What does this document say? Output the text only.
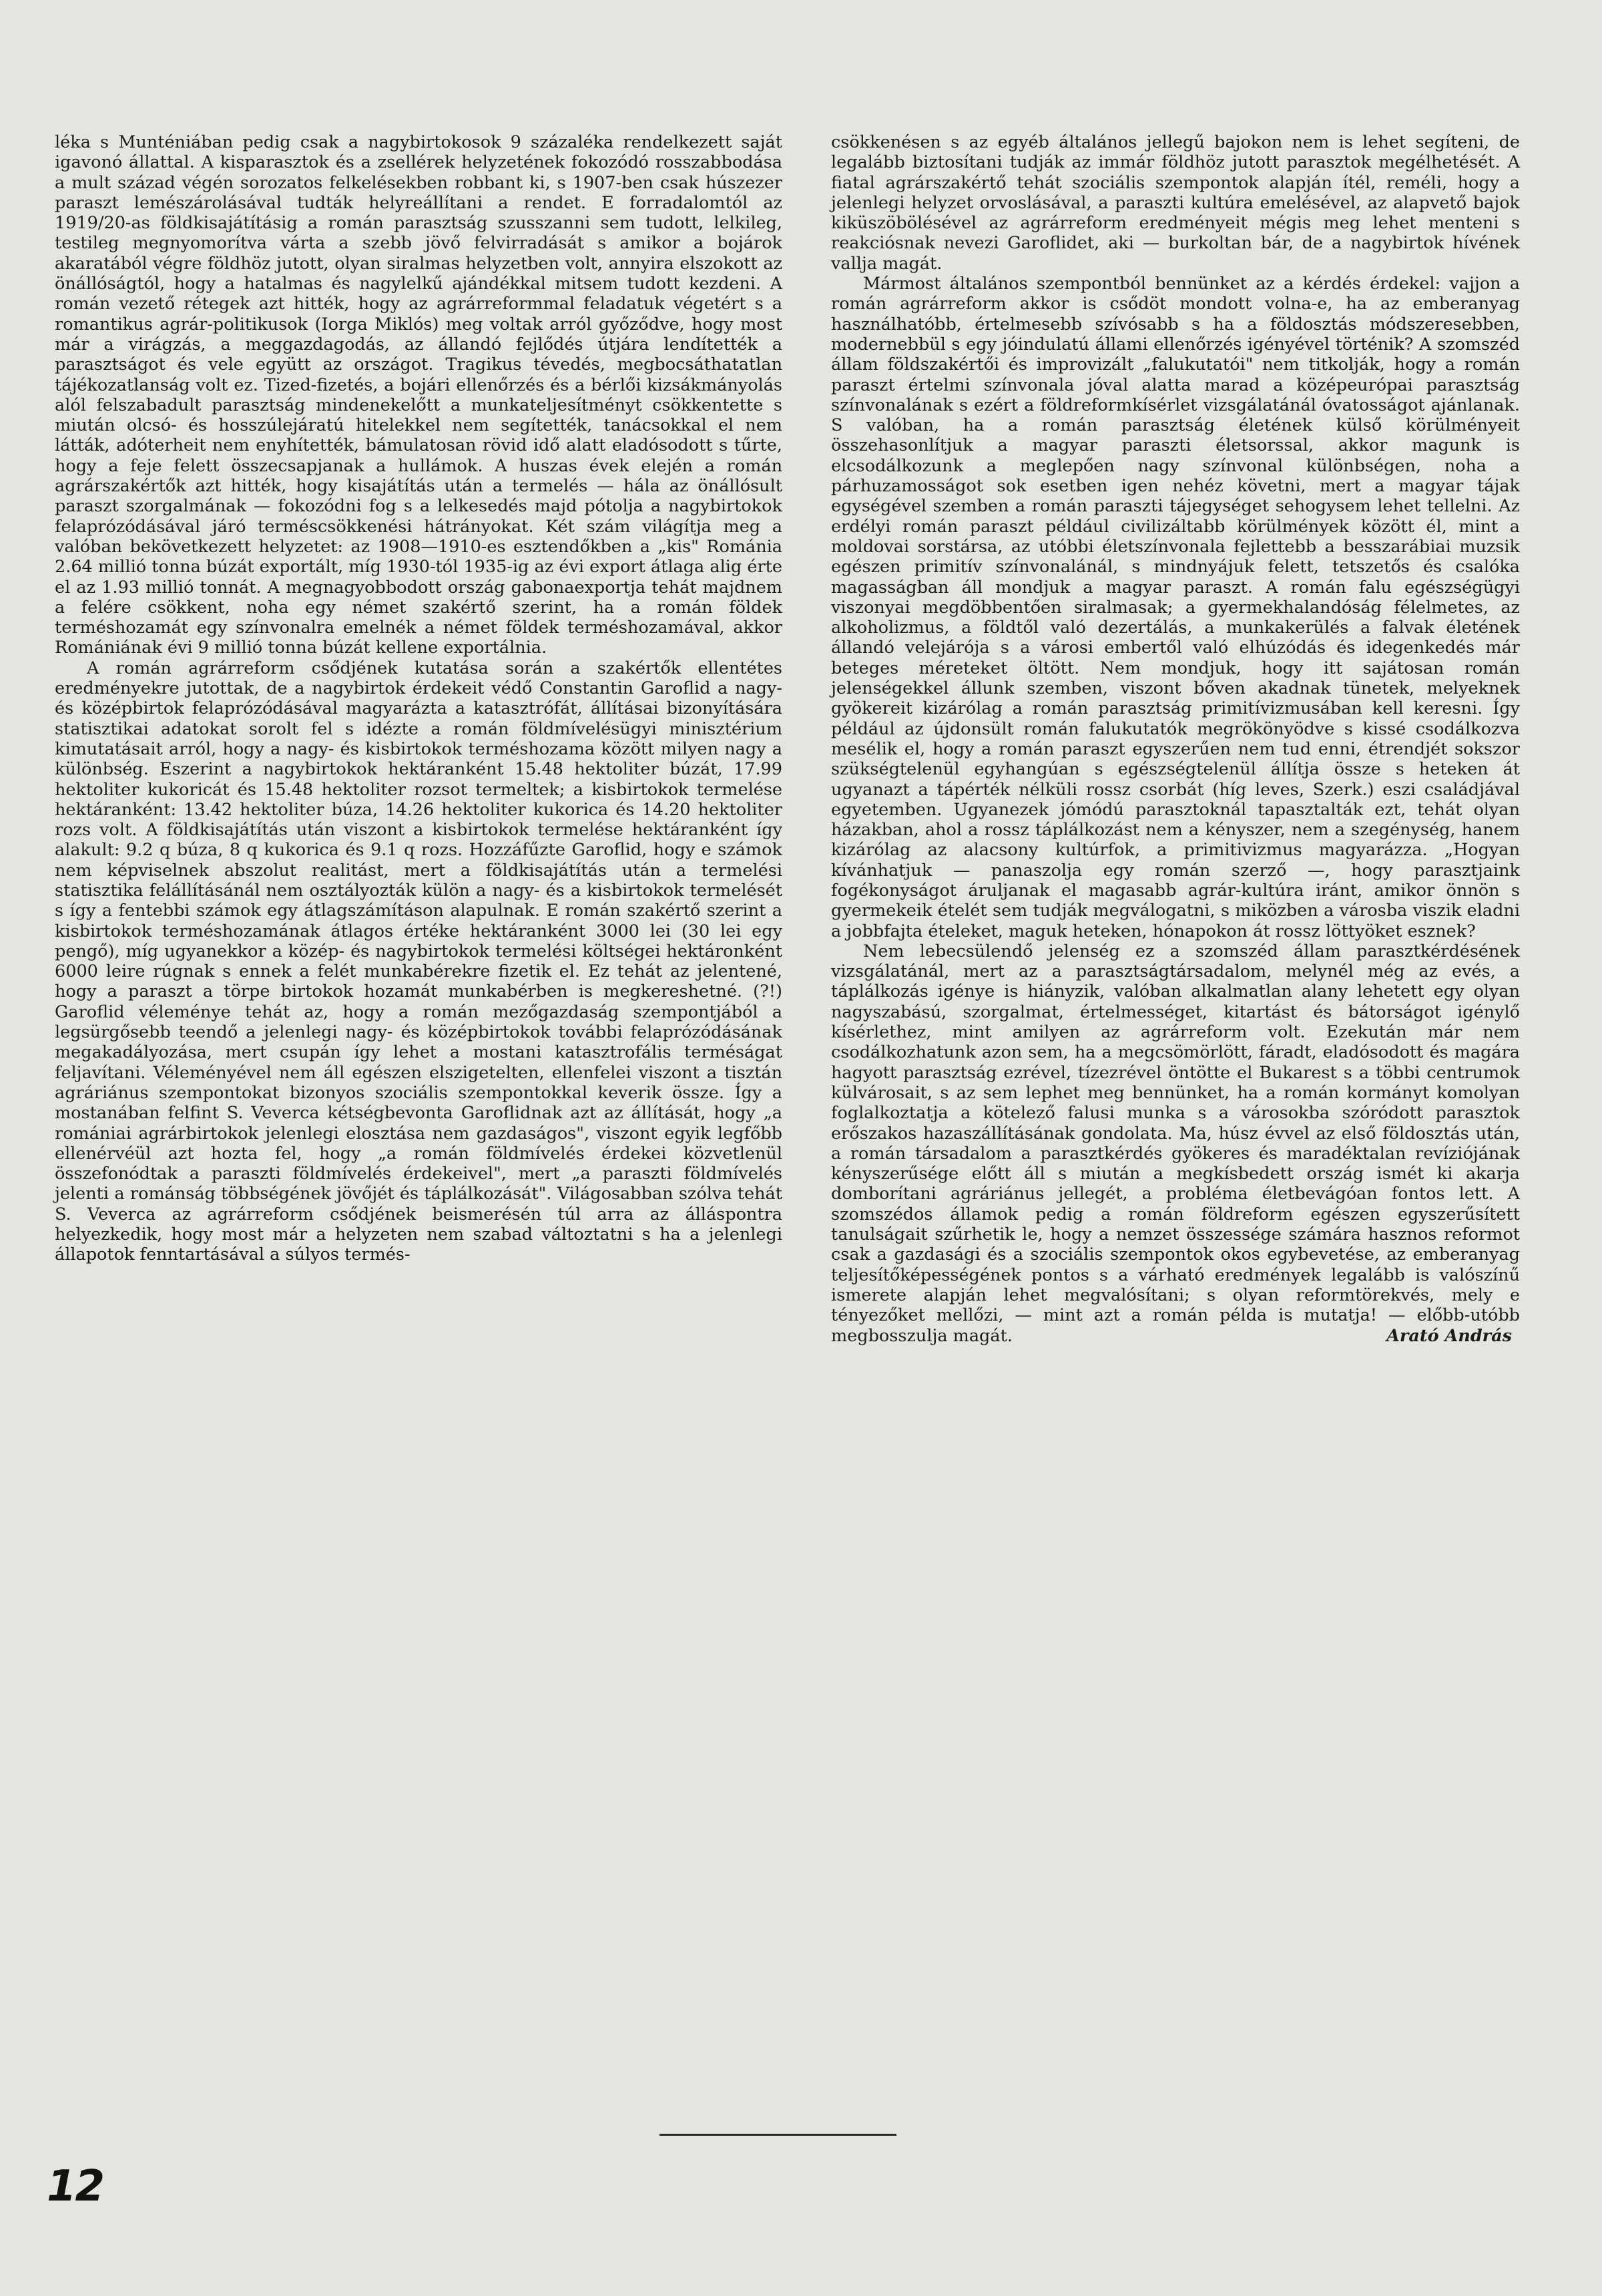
léka s Munténiában pedig csak a nagybirtokosok 9 százaléka rendelkezett saját igavonó állattal. A kisparasztok és a zsellérek helyzetének fokozódó rosszabbodása a mult század végén sorozatos felkelésekben robbant ki, s 1907-ben csak húszezer paraszt lemészárolásával tudták helyreállítani a rendet. E forradalomtól az 1919/20-as földkisajátításig a román parasztság szusszanni sem tudott, lelkileg, testileg megnyomorítva várta a szebb jövő felvirradását s amikor a bojárok akaratából végre földhöz jutott, olyan siralmas helyzetben volt, annyira elszokott az önállóságtól, hogy a hatalmas és nagylelkű ajándékkal mitsem tudott kezdeni. A román vezető rétegek azt hitték, hogy az agrárreformmal feladatuk végetért s a romantikus agrár-politikusok (Iorga Miklós) meg voltak arról győződve, hogy most már a virágzás, a meggazdagodás, az állandó fejlődés útjára lendítették a parasztságot és vele együtt az országot. Tragikus tévedés, megbocsáthatatlan tájékozatlanság volt ez. Tized-fizetés, a bojári ellenőrzés és a bérlői kizsákmányolás alól felszabadult parasztság mindenekelőtt a munkateljesítményt csökkentette s miután olcsó- és hosszúlejáratú hitelekkel nem segítették, tanácsokkal el nem látták, adóterheit nem enyhítették, bámulatosan rövid idő alatt eladósodott s tűrte, hogy a feje felett összecsapjanak a hullámok. A huszas évek elején a román agrárszakértők azt hitték, hogy kisajátítás után a termelés — hála az önállósult paraszt szorgalmának — fokozódni fog s a lelkesedés majd pótolja a nagybirtokok felaprózódásával járó terméscsökkenési hátrányokat. Két szám világítja meg a valóban bekövetkezett helyzetet: az 1908—1910-es esztendőkben a „kis" Románia 2.64 millió tonna búzát exportált, míg 1930-tól 1935-ig az évi export átlaga alig érte el az 1.93 millió tonnát. A megnagyobbodott ország gabonaexportja tehát majdnem a felére csökkent, noha egy német szakértő szerint, ha a román földek terméshozamát egy színvonalra emelnék a német földek terméshozamával, akkor Romániának évi 9 millió tonna búzát kellene exportálnia.

A román agrárreform csődjének kutatása során a szakértők ellentétes eredményekre jutottak, de a nagybirtok érdekeit védő Constantin Garoflid a nagy- és középbirtok felaprózódásával magyarázta a katasztrófát, állításai bizonyítására statisztikai adatokat sorolt fel s idézte a román földmívelésügyi minisztérium kimutatásait arról, hogy a nagy- és kisbirtokok terméshozama között milyen nagy a különbség. Eszerint a nagybirtokok hektáranként 15.48 hektoliter búzát, 17.99 hektoliter kukoricát és 15.48 hektoliter rozsot termeltek; a kisbirtokok termelése hektáranként: 13.42 hektoliter búza, 14.26 hektoliter kukorica és 14.20 hektoliter rozs volt. A földkisajátítás után viszont a kisbirtokok termelése hektáranként így alakult: 9.2 q búza, 8 q kukorica és 9.1 q rozs. Hozzáfűzte Garoflid, hogy e számok nem képviselnek abszolut realitást, mert a földkisajátítás után a termelési statisztika felállításánál nem osztályozták külön a nagy- és a kisbirtokok termelését s így a fentebbi számok egy átlagszámításon alapulnak. E román szakértő szerint a kisbirtokok terméshozamának átlagos értéke hektáranként 3000 lei (30 lei egy pengő), míg ugyanekkor a közép- és nagybirtokok termelési költségei hektáronként 6000 leire rúgnak s ennek a felét munkabérekre fizetik el. Ez tehát az jelentené, hogy a paraszt a törpe birtokok hozamát munkabérben is megkereshetné. (?!) Garoflid véleménye tehát az, hogy a román mezőgazdaság szempontjából a legsürgősebb teendő a jelenlegi nagy- és középbirtokok további felaprózódásának megakadályozása, mert csupán így lehet a mostani katasztrofális terméságat feljavítani. Véleményével nem áll egészen elszigetelten, ellenfelei viszont a tisztán agráriánus szempontokat bizonyos szociális szempontokkal keverik össze. Így a mostanában felfint S. Veverca kétségbevonta Garoflidnak azt az állítását, hogy „a romániai agrárbirtokok jelenlegi elosztása nem gazdaságos", viszont egyik legfőbb ellenérvéül azt hozta fel, hogy „a román földmívelés érdekei közvetlenül összefonódtak a paraszti földmívelés érdekeivel", mert „a paraszti földmívelés jelenti a románság többségének jövőjét és táplálkozását". Világosabban szólva tehát S. Veverca az agrárreform csődjének beismerésén túl arra az álláspontra helyezkedik, hogy most már a helyzeten nem szabad változtatni s ha a jelenlegi állapotok fenntartásával a súlyos termés-

csökkenésen s az egyéb általános jellegű bajokon nem is lehet segíteni, de legalább biztosítani tudják az immár földhöz jutott parasztok megélhetését. A fiatal agrárszakértő tehát szociális szempontok alapján ítél, reméli, hogy a jelenlegi helyzet orvoslásával, a paraszti kultúra emelésével, az alapvető bajok kiküszöbölésével az agrárreform eredményeit mégis meg lehet menteni s reakciósnak nevezi Garoflidet, aki — burkoltan bár, de a nagybirtok hívének vallja magát.

Mármost általános szempontból bennünket az a kérdés érdekel: vajjon a román agrárreform akkor is csődöt mondott volna-e, ha az emberanyag használhatóbb, értelmesebb szívósabb s ha a földosztás módszeresebben, modernebbül s egy jóindulatú állami ellenőrzés igényével történik? A szomszéd állam földszakértői és improvizált „falukutatói" nem titkolják, hogy a román paraszt értelmi színvonala jóval alatta marad a középeurópai parasztság színvonalának s ezért a földreformkísérlet vizsgálatánál óvatosságot ajánlanak. S valóban, ha a román parasztság életének külső körülményeit összehasonlítjuk a magyar paraszti életsorssal, akkor magunk is elcsodálkozunk a meglepően nagy színvonal különbségen, noha a párhuzamosságot sok esetben igen nehéz követni, mert a magyar tájak egységével szemben a román paraszti tájegységet sehogysem lehet tellelni. Az erdélyi román paraszt például civilizáltabb körülmények között él, mint a moldovai sorstársa, az utóbbi életszínvonala fejlettebb a besszarábiai muzsik egészen primitív színvonalánál, s mindnyájuk felett, tetszetős és csalóka magasságban áll mondjuk a magyar paraszt. A román falu egészségügyi viszonyai megdöbbentően siralmasak; a gyermekhalandóság félelmetes, az alkoholizmus, a földtől való dezertálás, a munkakerülés a falvak életének állandó velejárója s a városi embertől való elhúzódás és idegenkedés már beteges méreteket öltött. Nem mondjuk, hogy itt sajátosan román jelenségekkel állunk szemben, viszont bőven akadnak tünetek, melyeknek gyökereit kizárólag a román parasztság primitívizmusában kell keresni. Így például az újdonsült román falukutatók megrökönyödve s kissé csodálkozva mesélik el, hogy a román paraszt egyszerűen nem tud enni, étrendjét sokszor szükségtelenül egyhangúan s egészségtelenül állítja össze s heteken át ugyanazt a tápérték nélküli rossz csorbát (híg leves, Szerk.) eszi családjával egyetemben. Ugyanezek jómódú parasztoknál tapasztalták ezt, tehát olyan házakban, ahol a rossz táplálkozást nem a kényszer, nem a szegénység, hanem kizárólag az alacsony kultúrfok, a primitivizmus magyarázza. „Hogyan kívánhatjuk — panaszolja egy román szerző —, hogy parasztjaink fogékonyságot áruljanak el magasabb agrár-kultúra iránt, amikor önnön s gyermekeik ételét sem tudják megválogatni, s miközben a városba viszik eladni a jobbfajta ételeket, maguk heteken, hónapokon át rossz löttyöket esznek?

Nem lebecsülendő jelenség ez a szomszéd állam parasztkérdésének vizsgálatánál, mert az a parasztságtársadalom, melynél még az evés, a táplálkozás igénye is hiányzik, valóban alkalmatlan alany lehetett egy olyan nagyszabású, szorgalmat, értelmességet, kitartást és bátorságot igénylő kísérlethez, mint amilyen az agrárreform volt. Ezekután már nem csodálkozhatunk azon sem, ha a megcsömörlött, fáradt, eladósodott és magára hagyott parasztság ezrével, tízezrével öntötte el Bukarest s a többi centrumok külvárosait, s az sem lephet meg bennünket, ha a román kormányt komolyan foglalkoztatja a kötelező falusi munka s a városokba szóródott parasztok erőszakos hazaszállításának gondolata. Ma, húsz évvel az első földosztás után, a román társadalom a parasztkérdés gyökeres és maradéktalan revíziójának kényszerűsége előtt áll s miután a megkísbedett ország ismét ki akarja domborítani agráriánus jellegét, a probléma életbevágóan fontos lett. A szomszédos államok pedig a román földreform egészen egyszerűsített tanulságait szűrhetik le, hogy a nemzet összessége számára hasznos reformot csak a gazdasági és a szociális szempontok okos egybevetése, az emberanyag teljesítőképességének pontos s a várható eredmények legalább is valószínű ismerete alapján lehet megvalósítani; s olyan reformtörekvés, mely e tényezőket mellőzi, — mint azt a román példa is mutatja! — előbb-utóbb megbosszulja magát.	Arató András

12
